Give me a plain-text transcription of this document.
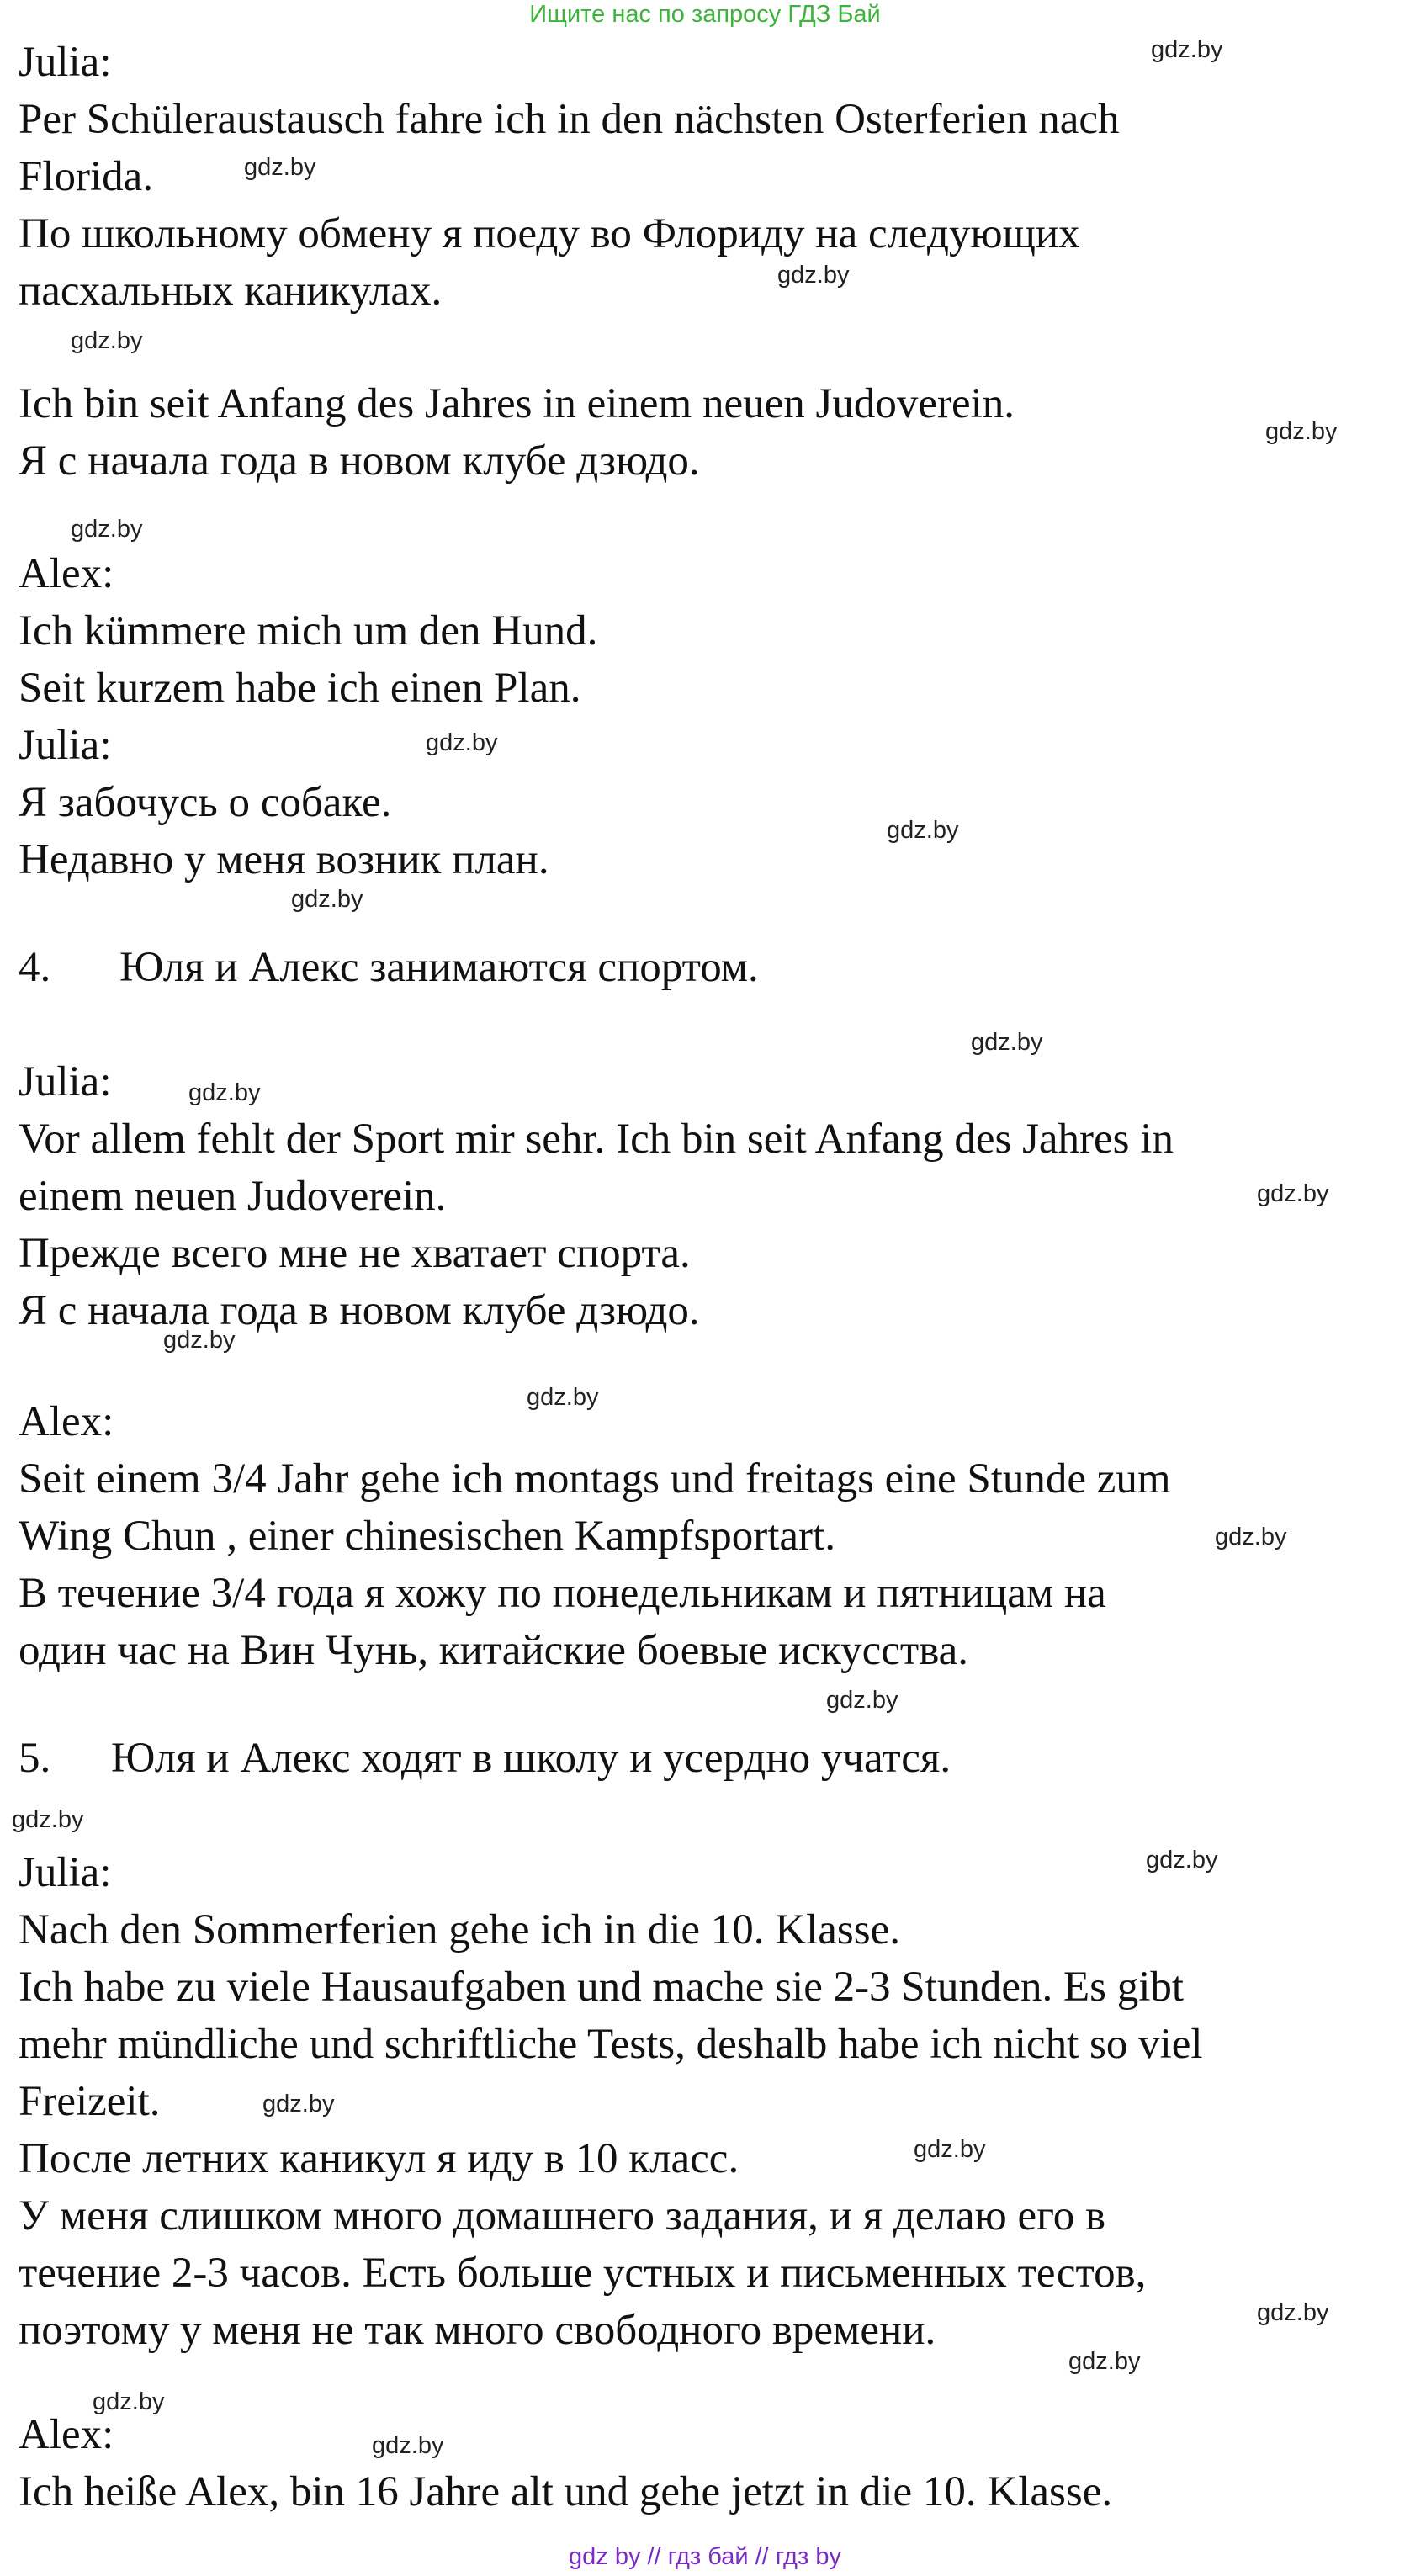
Ищите нас по запросу ГДЗ Бай
Julia:
Per Schüleraustausch fahre ich in den nächsten Osterferien nach
Florida.
По школьному обмену я поеду во Флориду на следующих
пасхальных каникулах.
Ich bin seit Anfang des Jahres in einem neuen Judoverein.
Я с начала года в новом клубе дзюдо.
Alex:
Ich kümmere mich um den Hund.
Seit kurzem habe ich einen Plan.
Julia:
Я забочусь о собаке.
Недавно у меня возник план.
4. Юля и Алекс занимаются спортом.
Julia:
Vor allem fehlt der Sport mir sehr. Ich bin seit Anfang des Jahres in
einem neuen Judoverein.
Прежде всего мне не хватает спорта.
Я с начала года в новом клубе дзюдо.
Alex:
Seit einem 3/4 Jahr gehe ich montags und freitags eine Stunde zum
Wing Chun , einer chinesischen Kampfsportart.
В течение 3/4 года я хожу по понедельникам и пятницам на
один час на Вин Чунь, китайские боевые искусства.
5. Юля и Алекс ходят в школу и усердно учатся.
Julia:
Nach den Sommerferien gehe ich in die 10. Klasse.
Ich habe zu viele Hausaufgaben und mache sie 2-3 Stunden. Es gibt
mehr mündliche und schriftliche Tests, deshalb habe ich nicht so viel
Freizeit.
После летних каникул я иду в 10 класс.
У меня слишком много домашнего задания, и я делаю его в
течение 2-3 часов. Есть больше устных и письменных тестов,
поэтому у меня не так много свободного времени.
Alex:
Ich heiße Alex, bin 16 Jahre alt und gehe jetzt in die 10. Klasse.
gdz.by
gdz.by
gdz.by
gdz.by
gdz.by
gdz.by
gdz.by
gdz.by
gdz.by
gdz.by
gdz.by
gdz.by
gdz.by
gdz.by
gdz.by
gdz.by
gdz.by
gdz.by
gdz.by
gdz.by
gdz.by
gdz.by
gdz.by
gdz.by
gdz by // гдз бай // гдз by
